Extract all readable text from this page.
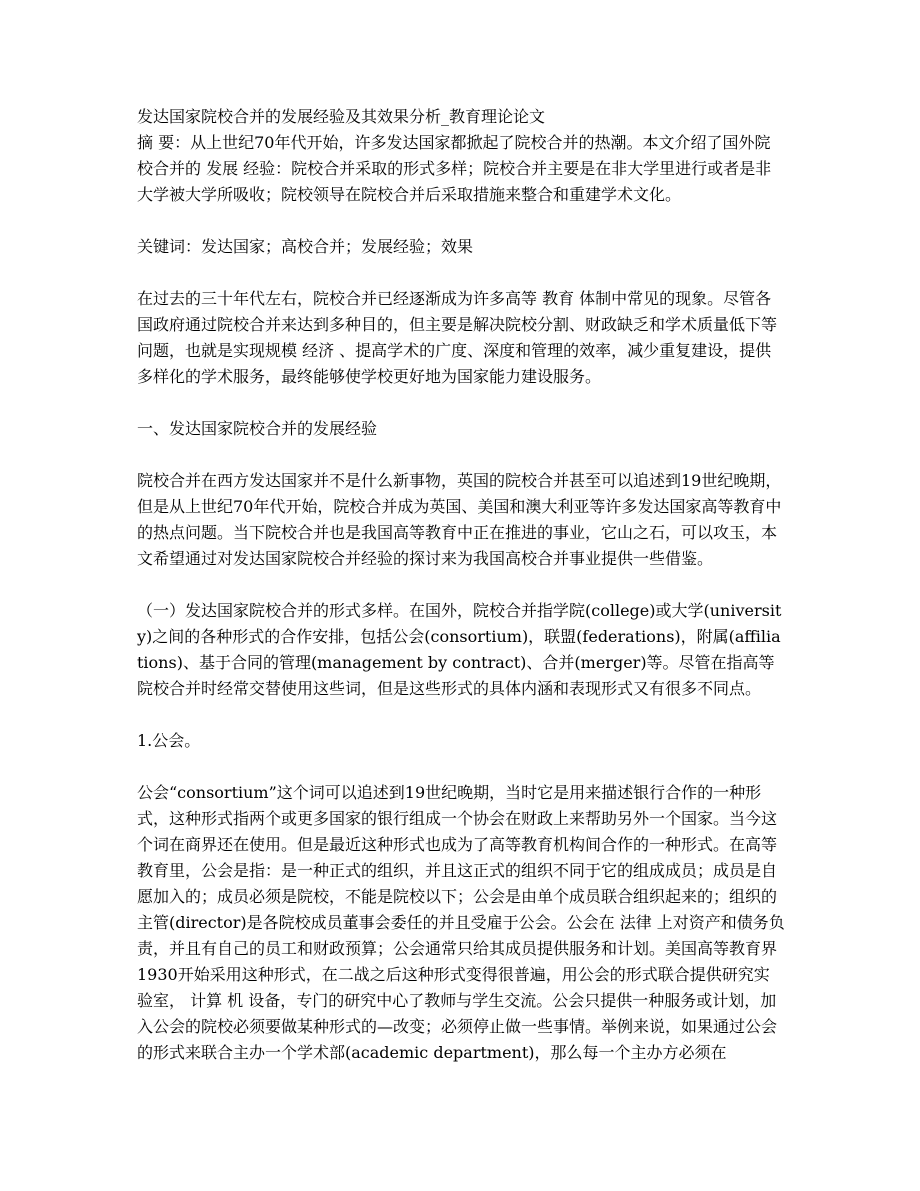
发达国家院校合并的发展经验及其效果分析_教育理论论文

摘 要：从上世纪70年代开始，许多发达国家都掀起了院校合并的热潮。本文介绍了国外院校合并的 发展 经验：院校合并采取的形式多样；院校合并主要是在非大学里进行或者是非大学被大学所吸收；院校领导在院校合并后采取措施来整合和重建学术文化。

关键词：发达国家；高校合并；发展经验；效果

在过去的三十年代左右，院校合并已经逐渐成为许多高等 教育 体制中常见的现象。尽管各国政府通过院校合并来达到多种目的，但主要是解决院校分割、财政缺乏和学术质量低下等问题，也就是实现规模 经济 、提高学术的广度、深度和管理的效率，减少重复建设，提供多样化的学术服务，最终能够使学校更好地为国家能力建设服务。

一、发达国家院校合并的发展经验

院校合并在西方发达国家并不是什么新事物，英国的院校合并甚至可以追述到19世纪晚期，但是从上世纪70年代开始，院校合并成为英国、美国和澳大利亚等许多发达国家高等教育中的热点问题。当下院校合并也是我国高等教育中正在推进的事业，它山之石，可以攻玉，本文希望通过对发达国家院校合并经验的探讨来为我国高校合并事业提供一些借鉴。

（一）发达国家院校合并的形式多样。在国外，院校合并指学院(college)或大学(university)之间的各种形式的合作安排，包括公会(consortium)，联盟(federations)，附属(affiliations)、基于合同的管理(management by contract)、合并(merger)等。尽管在指高等院校合并时经常交替使用这些词，但是这些形式的具体内涵和表现形式又有很多不同点。

1.公会。

公会“consortium”这个词可以追述到19世纪晚期，当时它是用来描述银行合作的一种形式，这种形式指两个或更多国家的银行组成一个协会在财政上来帮助另外一个国家。当今这个词在商界还在使用。但是最近这种形式也成为了高等教育机构间合作的一种形式。在高等教育里，公会是指：是一种正式的组织，并且这正式的组织不同于它的组成成员；成员是自愿加入的；成员必须是院校，不能是院校以下；公会是由单个成员联合组织起来的；组织的主管(director)是各院校成员董事会委任的并且受雇于公会。公会在 法律 上对资产和债务负责，并且有自己的员工和财政预算；公会通常只给其成员提供服务和计划。美国高等教育界1930开始采用这种形式，在二战之后这种形式变得很普遍，用公会的形式联合提供研究实验室， 计算 机 设备，专门的研究中心了教师与学生交流。公会只提供一种服务或计划，加入公会的院校必须要做某种形式的—改变；必须停止做一些事情。举例来说，如果通过公会的形式来联合主办一个学术部(academic department)，那么每一个主办方必须在
